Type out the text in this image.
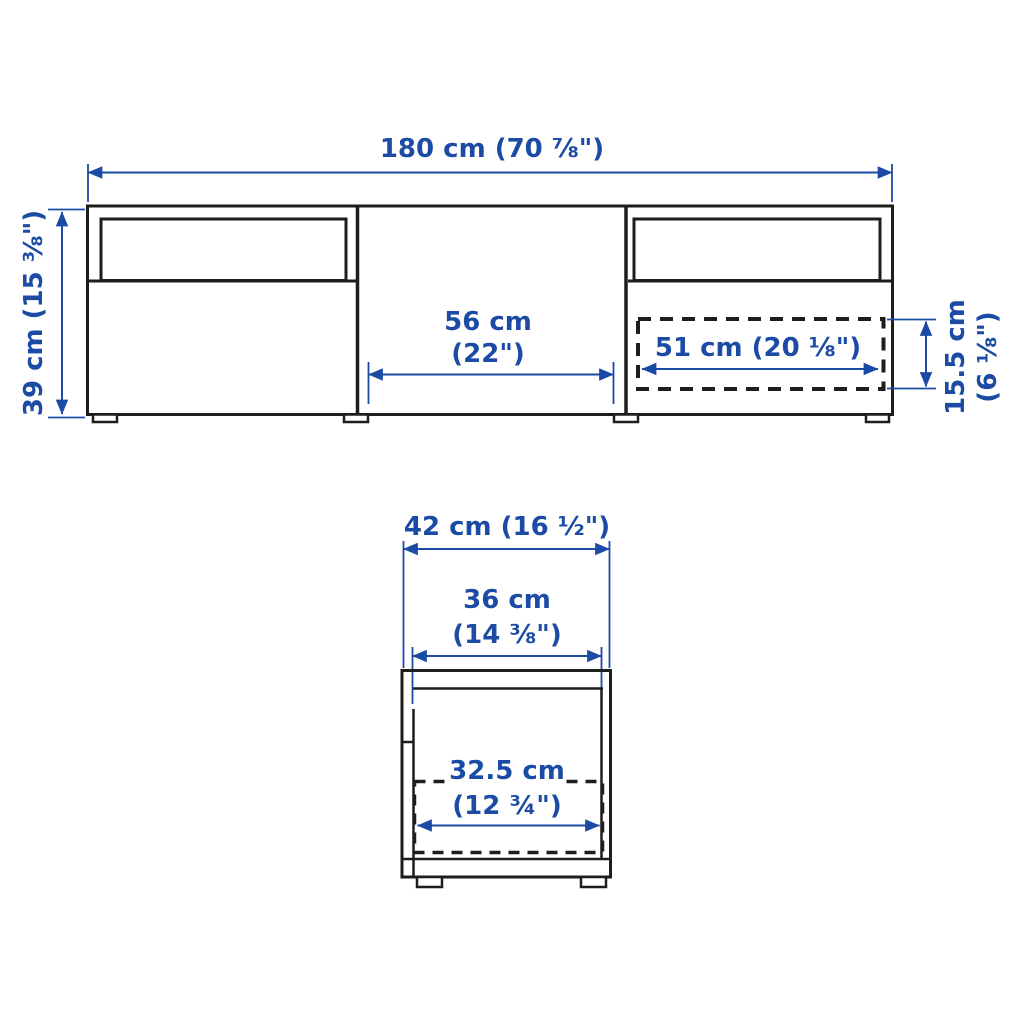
180 cm (70 ⅞")
39 cm (15 ⅜")	56 cm
(22")	51 cm (20 ⅛")	15.5 cm (6 ⅛")
42 cm (16 ½")
36 cm
(14 ⅜")
32.5 cm
(12 ¾")
